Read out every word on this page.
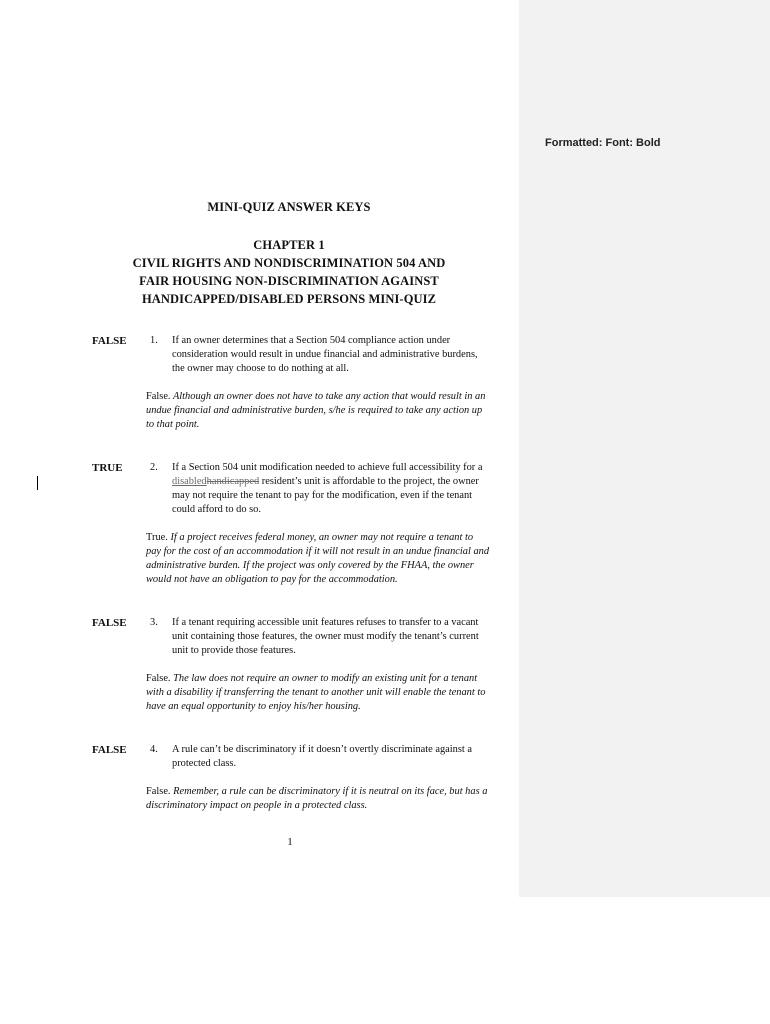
Formatted: Font: Bold
MINI-QUIZ ANSWER KEYS
CHAPTER 1
CIVIL RIGHTS AND NONDISCRIMINATION 504 AND
FAIR HOUSING NON-DISCRIMINATION AGAINST
HANDICAPPED/DISABLED PERSONS MINI-QUIZ
FALSE 1. If an owner determines that a Section 504 compliance action under consideration would result in undue financial and administrative burdens, the owner may choose to do nothing at all.
False. Although an owner does not have to take any action that would result in an undue financial and administrative burden, s/he is required to take any action up to that point.
TRUE	2. If a Section 504 unit modification needed to achieve full accessibility for a disabledhandicapped resident’s unit is affordable to the project, the owner may not require the tenant to pay for the modification, even if the tenant could afford to do so.
True. If a project receives federal money, an owner may not require a tenant to pay for the cost of an accommodation if it will not result in an undue financial and administrative burden. If the project was only covered by the FHAA, the owner would not have an obligation to pay for the accommodation.
FALSE 3. If a tenant requiring accessible unit features refuses to transfer to a vacant unit containing those features, the owner must modify the tenant’s current unit to provide those features.
False. The law does not require an owner to modify an existing unit for a tenant with a disability if transferring the tenant to another unit will enable the tenant to have an equal opportunity to enjoy his/her housing.
FALSE 4. A rule can’t be discriminatory if it doesn’t overtly discriminate against a protected class.
False. Remember, a rule can be discriminatory if it is neutral on its face, but has a discriminatory impact on people in a protected class.
1
